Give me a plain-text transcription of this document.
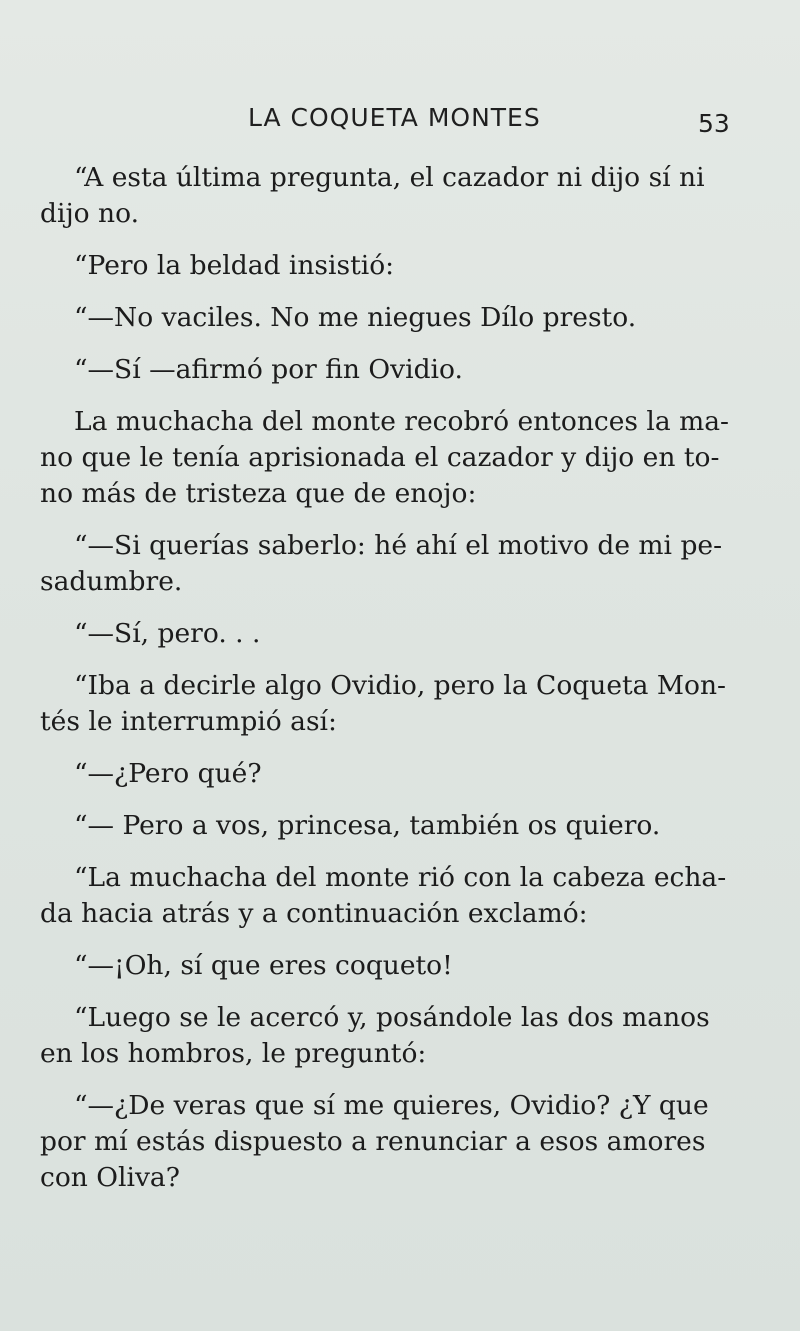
LA COQUETA MONTES	53

“A esta última pregunta, el cazador ni dijo sí ni
dijo no.

“Pero la beldad insistió:

“—No vaciles. No me niegues Dílo presto.

“—Sí —afirmó por fin Ovidio.

La muchacha del monte recobró entonces la ma-
no que le tenía aprisionada el cazador y dijo en to-
no más de tristeza que de enojo:

“—Si querías saberlo: hé ahí el motivo de mi pe-
sadumbre.

“—Sí, pero. . .

“Iba a decirle algo Ovidio, pero la Coqueta Mon-
tés le interrumpió así:

“—¿Pero qué?

“— Pero a vos, princesa, también os quiero.

“La muchacha del monte rió con la cabeza echa-
da hacia atrás y a continuación exclamó:

“—¡Oh, sí que eres coqueto!

“Luego se le acercó y, posándole las dos manos
en los hombros, le preguntó:

“—¿De veras que sí me quieres, Ovidio? ¿Y que
por mí estás dispuesto a renunciar a esos amores
con Oliva?
